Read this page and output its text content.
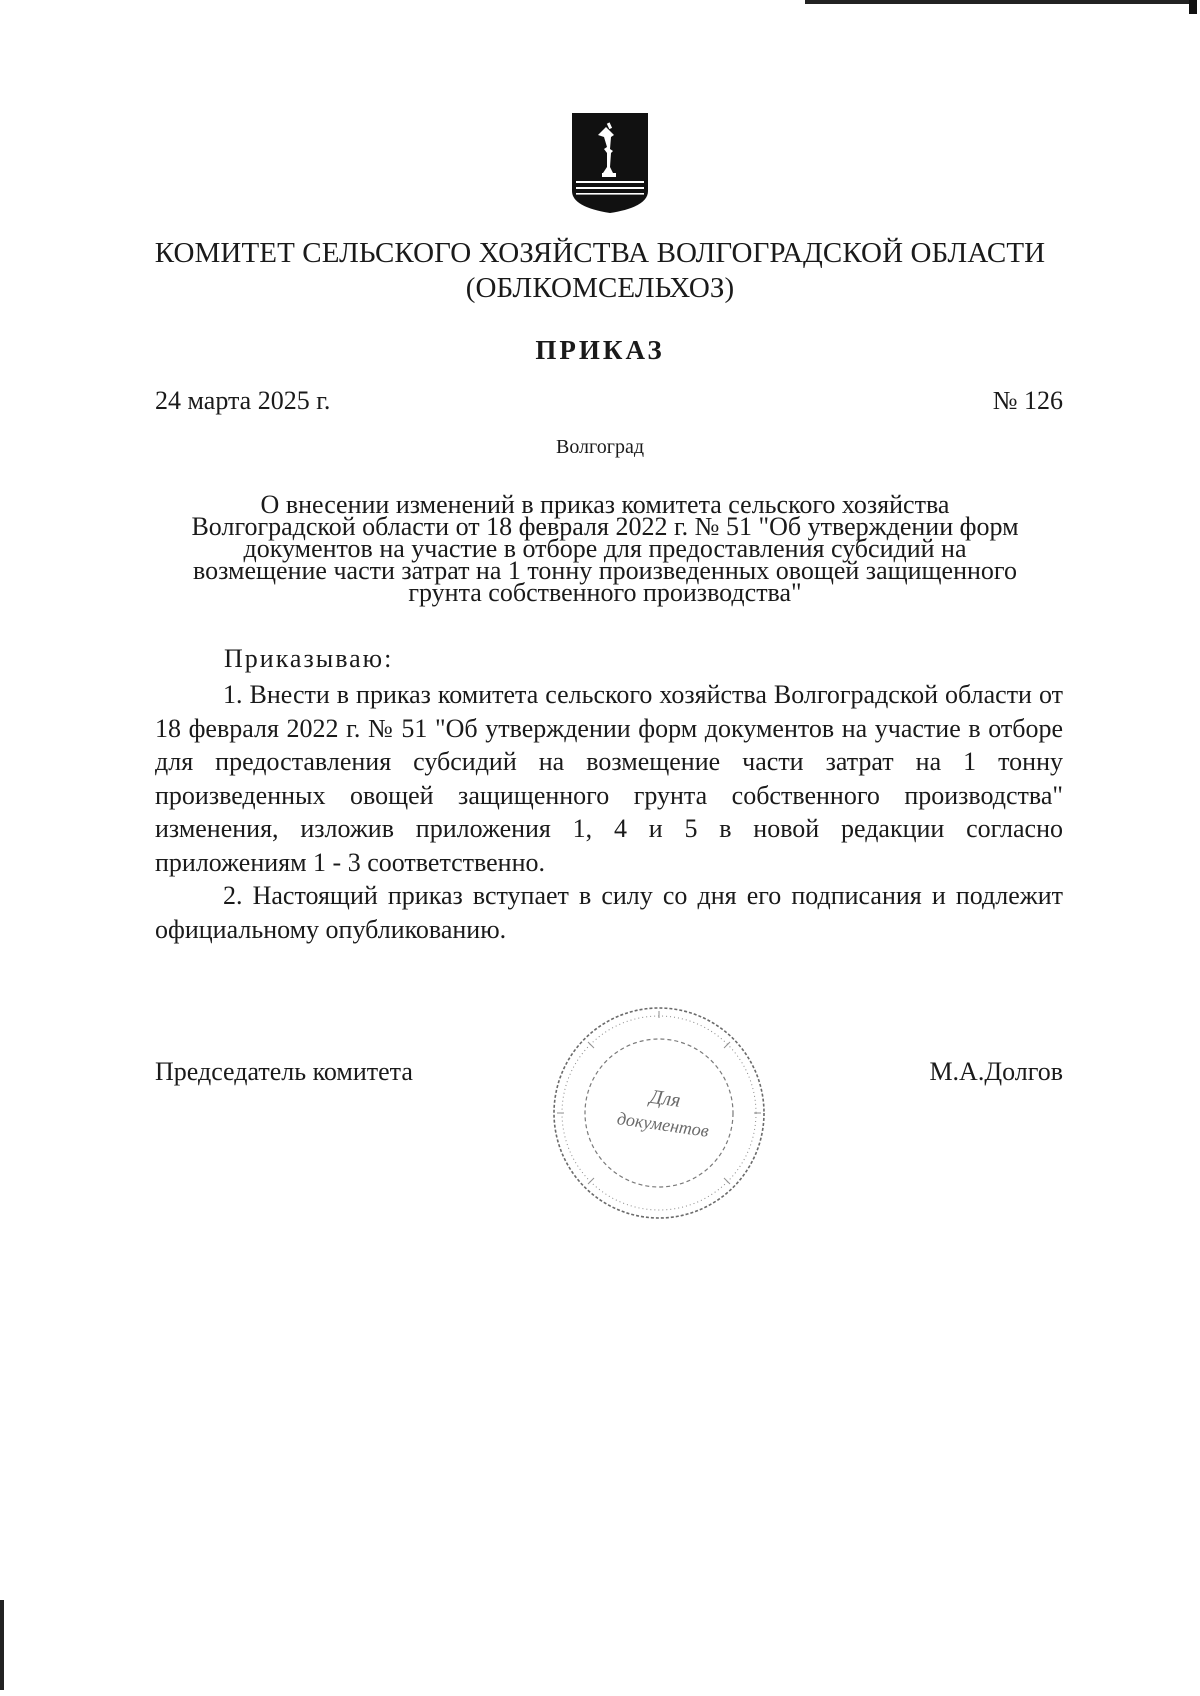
КОМИТЕТ СЕЛЬСКОГО ХОЗЯЙСТВА ВОЛГОГРАДСКОЙ ОБЛАСТИ
(ОБЛКОМСЕЛЬХОЗ)
ПРИКАЗ
24 марта 2025 г.	№ 126
Волгоград
О внесении изменений в приказ комитета сельского хозяйства
Волгоградской области от 18 февраля 2022 г. № 51 "Об утверждении форм
документов на участие в отборе для предоставления субсидий на
возмещение части затрат на 1 тонну произведенных овощей защищенного
грунта собственного производства"
Приказываю:

1. Внести в приказ комитета сельского хозяйства Волгоградской области от 18 февраля 2022 г. № 51 "Об утверждении форм документов на участие в отборе для предоставления субсидий на возмещение части затрат на 1 тонну произведенных овощей защищенного грунта собственного производства" изменения, изложив приложения 1, 4 и 5 в новой редакции согласно приложениям 1 - 3 соответственно.

2. Настоящий приказ вступает в силу со дня его подписания и подлежит официальному опубликованию.

Председатель комитета
Для
документов
М.А.Долгов
